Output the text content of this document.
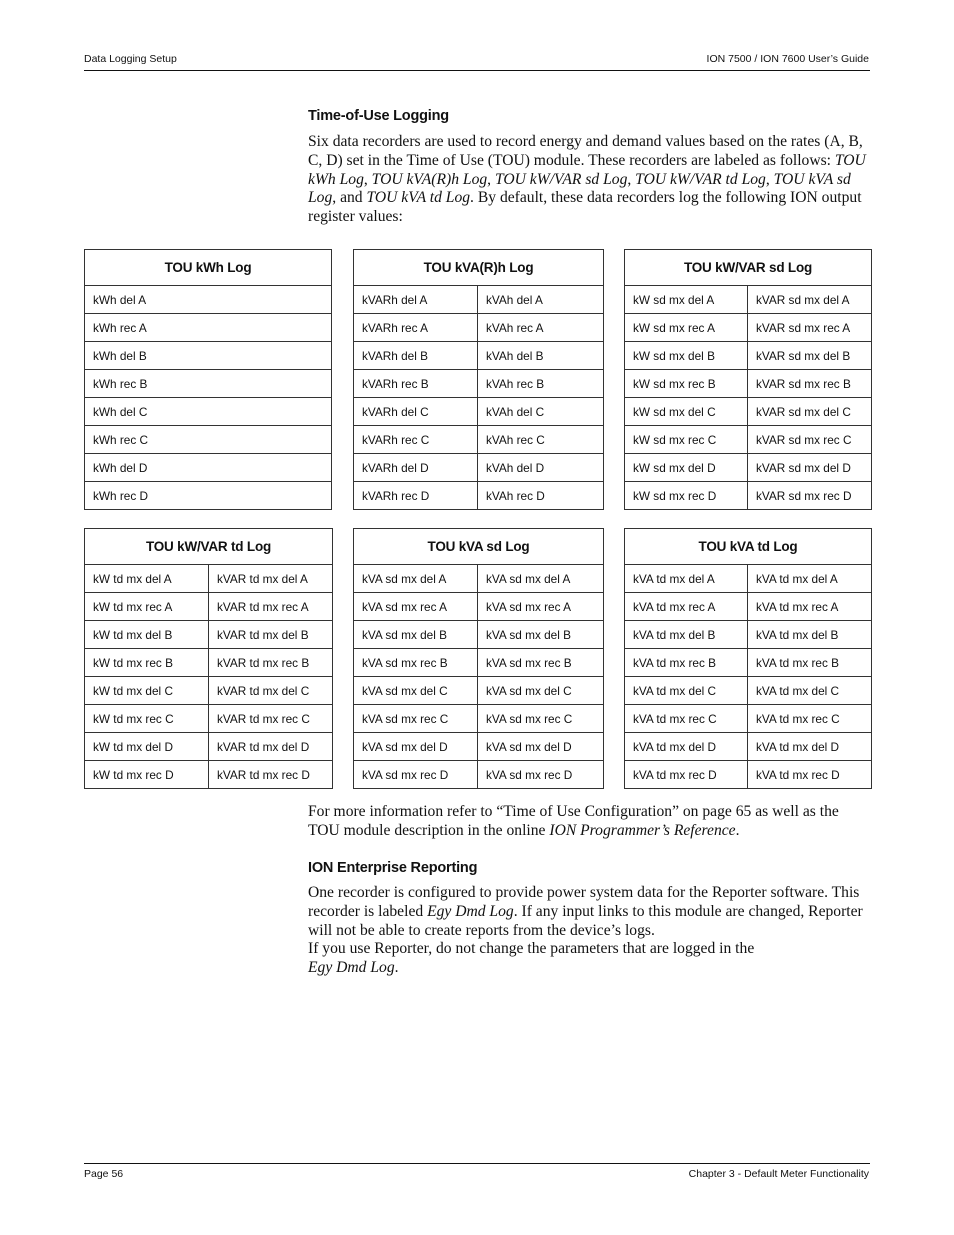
Data Logging Setup	ION 7500 / ION 7600 User’s Guide
Time-of-Use Logging

Six data recorders are used to record energy and demand values based on the rates (A, B, C, D) set in the Time of Use (TOU) module. These recorders are labeled as follows: TOU kWh Log, TOU kVA(R)h Log, TOU kW/VAR sd Log, TOU kW/VAR td Log, TOU kVA sd Log, and TOU kVA td Log. By default, these data recorders log the following ION output register values:

TOU kWh Log
kWh del A
kWh rec A
kWh del B
kWh rec B
kWh del C
kWh rec C
kWh del D
kWh rec D
TOU kVA(R)h Log	
kVARh del A	kVAh del A
kVARh rec A	kVAh rec A
kVARh del B	kVAh del B
kVARh rec B	kVAh rec B
kVARh del C	kVAh del C
kVARh rec C	kVAh rec C
kVARh del D	kVAh del D
kVARh rec D	kVAh rec D
TOU kW/VAR sd Log	
kW sd mx del A	kVAR sd mx del A
kW sd mx rec A	kVAR sd mx rec A
kW sd mx del B	kVAR sd mx del B
kW sd mx rec B	kVAR sd mx rec B
kW sd mx del C	kVAR sd mx del C
kW sd mx rec C	kVAR sd mx rec C
kW sd mx del D	kVAR sd mx del D
kW sd mx rec D	kVAR sd mx rec D
TOU kW/VAR td Log	
kW td mx del A	kVAR td mx del A
kW td mx rec A	kVAR td mx rec A
kW td mx del B	kVAR td mx del B
kW td mx rec B	kVAR td mx rec B
kW td mx del C	kVAR td mx del C
kW td mx rec C	kVAR td mx rec C
kW td mx del D	kVAR td mx del D
kW td mx rec D	kVAR td mx rec D
TOU kVA sd Log	
kVA sd mx del A	kVA sd mx del A
kVA sd mx rec A	kVA sd mx rec A
kVA sd mx del B	kVA sd mx del B
kVA sd mx rec B	kVA sd mx rec B
kVA sd mx del C	kVA sd mx del C
kVA sd mx rec C	kVA sd mx rec C
kVA sd mx del D	kVA sd mx del D
kVA sd mx rec D	kVA sd mx rec D
TOU kVA td Log	
kVA td mx del A	kVA td mx del A
kVA td mx rec A	kVA td mx rec A
kVA td mx del B	kVA td mx del B
kVA td mx rec B	kVA td mx rec B
kVA td mx del C	kVA td mx del C
kVA td mx rec C	kVA td mx rec C
kVA td mx del D	kVA td mx del D
kVA td mx rec D	kVA td mx rec D

For more information refer to “Time of Use Configuration” on page 65 as well as the TOU module description in the online ION Programmer’s Reference.

ION Enterprise Reporting

One recorder is configured to provide power system data for the Reporter software. This recorder is labeled Egy Dmd Log. If any input links to this module are changed, Reporter will not be able to create reports from the device’s logs.
If you use Reporter, do not change the parameters that are logged in the
Egy Dmd Log.

Page 56	Chapter 3 - Default Meter Functionality
